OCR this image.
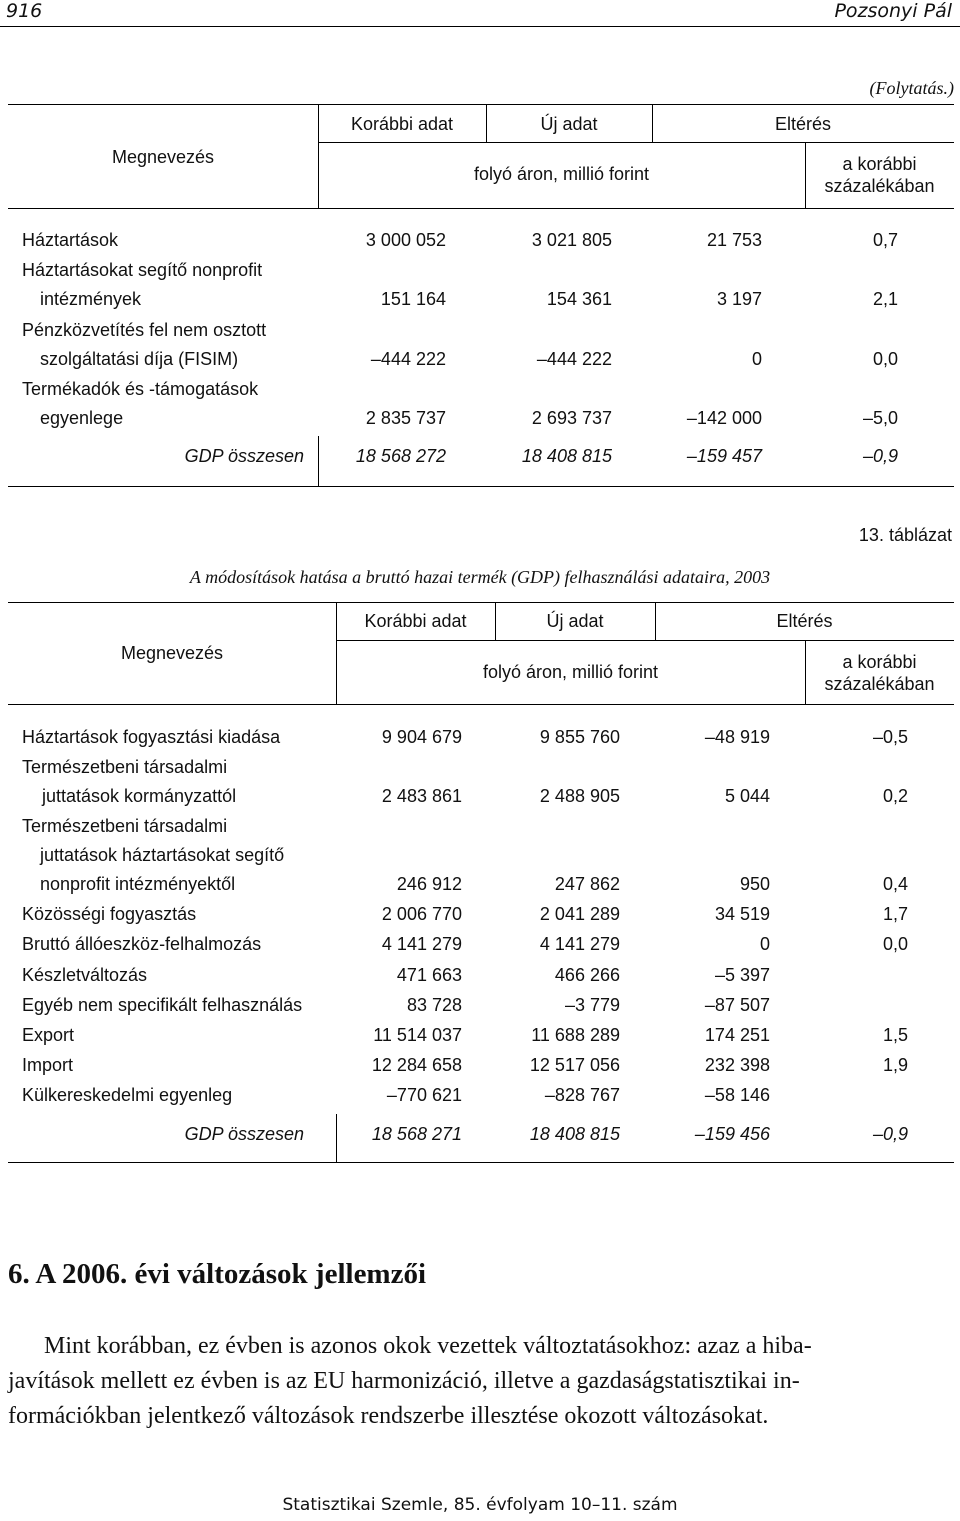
916	Pozsonyi Pál
(Folytatás.)
Megnevezés
Korábbi adat	Új adat	Eltérés
folyó áron, millió forint	a korábbi
százalékában
Háztartások	3 000 052	3 021 805	21 753	0,7
Háztartásokat segítő nonprofit
intézmények	151 164	154 361	3 197	2,1
Pénzközvetítés fel nem osztott
szolgáltatási díja (FISIM)	–444 222	–444 222	0	0,0
Termékadók és -támogatások
egyenlege	2 835 737	2 693 737	–142 000	–5,0
GDP összesen	18 568 272	18 408 815	–159 457	–0,9
13. táblázat
A módosítások hatása a bruttó hazai termék (GDP) felhasználási adataira, 2003
Megnevezés
Korábbi adat	Új adat	Eltérés
folyó áron, millió forint	a korábbi
százalékában
Háztartások fogyasztási kiadása	9 904 679	9 855 760	–48 919	–0,5
Természetbeni társadalmi
juttatások kormányzattól	2 483 861	2 488 905	5 044	0,2
Természetbeni társadalmi
juttatások háztartásokat segítő
nonprofit intézményektől	246 912	247 862	950	0,4
Közösségi fogyasztás	2 006 770	2 041 289	34 519	1,7
Bruttó állóeszköz-felhalmozás	4 141 279	4 141 279	0	0,0
Készletváltozás	471 663	466 266	–5 397
Egyéb nem specifikált felhasználás	83 728	–3 779	–87 507
Export	11 514 037	11 688 289	174 251	1,5
Import	12 284 658	12 517 056	232 398	1,9
Külkereskedelmi egyenleg	–770 621	–828 767	–58 146
GDP összesen	18 568 271	18 408 815	–159 456	–0,9
6. A 2006. évi változások jellemzői
Mint korábban, ez évben is azonos okok vezettek változtatásokhoz: azaz a hiba-
javítások mellett ez évben is az EU harmonizáció, illetve a gazdaságstatisztikai in-
formációkban jelentkező változások rendszerbe illesztése okozott változásokat.
Statisztikai Szemle, 85. évfolyam 10–11. szám
